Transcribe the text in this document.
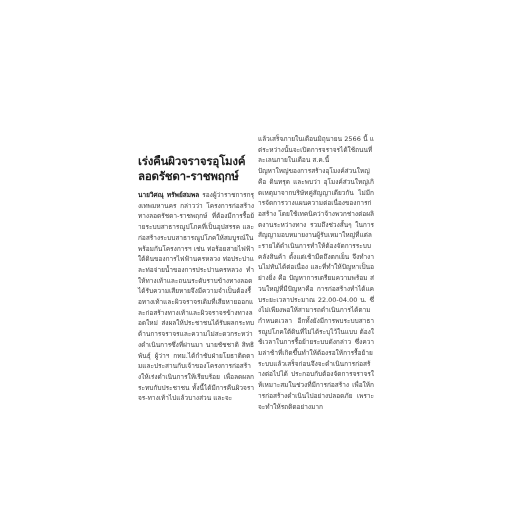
เร่งคืนผิวจราจรอุโมงค์
ลอดรัชดา-ราชพฤกษ์

นายวิศณุ ทรัพย์สมพล รองผู้ว่าราชการกรุงเทพมหานคร กล่าวว่า โครงการก่อสร้างทางลอดรัชดา-ราชพฤกษ์ ที่ต้องมีการรื้อย้ายระบบสาธารณูปโภคที่เป็นอุปสรรค และก่อสร้างระบบสาธารณูปโภคให้สมบูรณ์ในพร้อมกันโครงการฯ เช่น ท่อร้อยสายไฟฟ้าใต้ดินของการไฟฟ้านครหลวง ท่อประปาและท่อจ่ายน้ำของการประปานครหลวง ทำให้ทางเท้าและถนนระดับราบข้างทางลอดได้รับความเสียหายจึงมีความจำเป็นต้องรื้อทางเท้าและผิวจราจรเดิมที่เสียหายออกและก่อสร้างทางเท้าและผิวจราจรข้างทางลอดใหม่ ส่งผลให้ประชาชนได้รับผลกระทบด้านการจราจรและความไม่สะดวกระหว่างดำเนินการซึ่งที่ผ่านมา นายชัชชาติ สิทธิพันธุ์ ผู้ว่าฯ กทม.ได้กำชับฝ่ายโยธาติดตามและประสานกับเจ้าของโครงการก่อสร้างให้เร่งดำเนินการให้เรียบร้อย เพื่อลดผลกระทบกับประชาชน ทั้งนี้ได้มีการคืนผิวจราจร-ทางเท้าไปแล้วบางส่วน และจะ

แล้วเสร็จภายในเดือนมิถุนายน 2566 นี้ แต่ระหว่างนั้นจะเปิดการจราจรได้ใช้ถนนที่ละเลนภายในเดือน ส.ค.นี้

ปัญหาใหญ่ของการสร้างอุโมงค์ส่วนใหญ่ คือ ดินทรุด และพบว่า อุโมงค์ส่วนใหญ่เกิดเหตุมาจากบริษัทคู่สัญญาเดียวกัน ไม่มีการจัดการวางแผนความต่อเนื่องของการก่อสร้าง โดยใช้เทคนิคว่าจ้างพวกช่างต่อผลิตงานระหว่างทาง รวมถึงช่วงสั้นๆ ในการสัญญามอบหมายงานผู้รับเหมาใหญ่ที่แต่ละรายได้ดำเนินการทำให้ต้องจัดการระบบคลังสินค้า ตั้งแต่เช้ามืดถึงตกเย็น จึงทำงานไม่ทันได้ต่อเนื่อง และที่ทำให้ปัญหาเป็นอย่างยิ่ง คือ ปัญหาการเตรียมความพร้อม ส่วนใหญ่ที่มีปัญหาคือ การก่อสร้างทำได้แคบระยะเวลาประมาณ 22.00-04.00 น. ซึ่งไม่เพียงพอให้สามารถดำเนินการได้ตามกำหนดเวลา อีกทั้งยังมีการพบระบบสาธารณูปโภคใต้ดินที่ไม่ได้ระบุไว้ในแบบ ต้องใช้เวลาในการรื้อย้ายระบบดังกล่าว ซึ่งความล่าช้าที่เกิดขึ้นทำให้ต้องรอให้การรื้อย้ายระบบแล้วเสร็จก่อนจึงจะดำเนินการก่อสร้างต่อไปได้ ประกอบกับต้องจัดการจราจรให้เหมาะสมในช่วงที่มีการก่อสร้าง เพื่อให้การก่อสร้างดำเนินไปอย่างปลอดภัย เพราะจะทำให้รถติดอย่างมาก
